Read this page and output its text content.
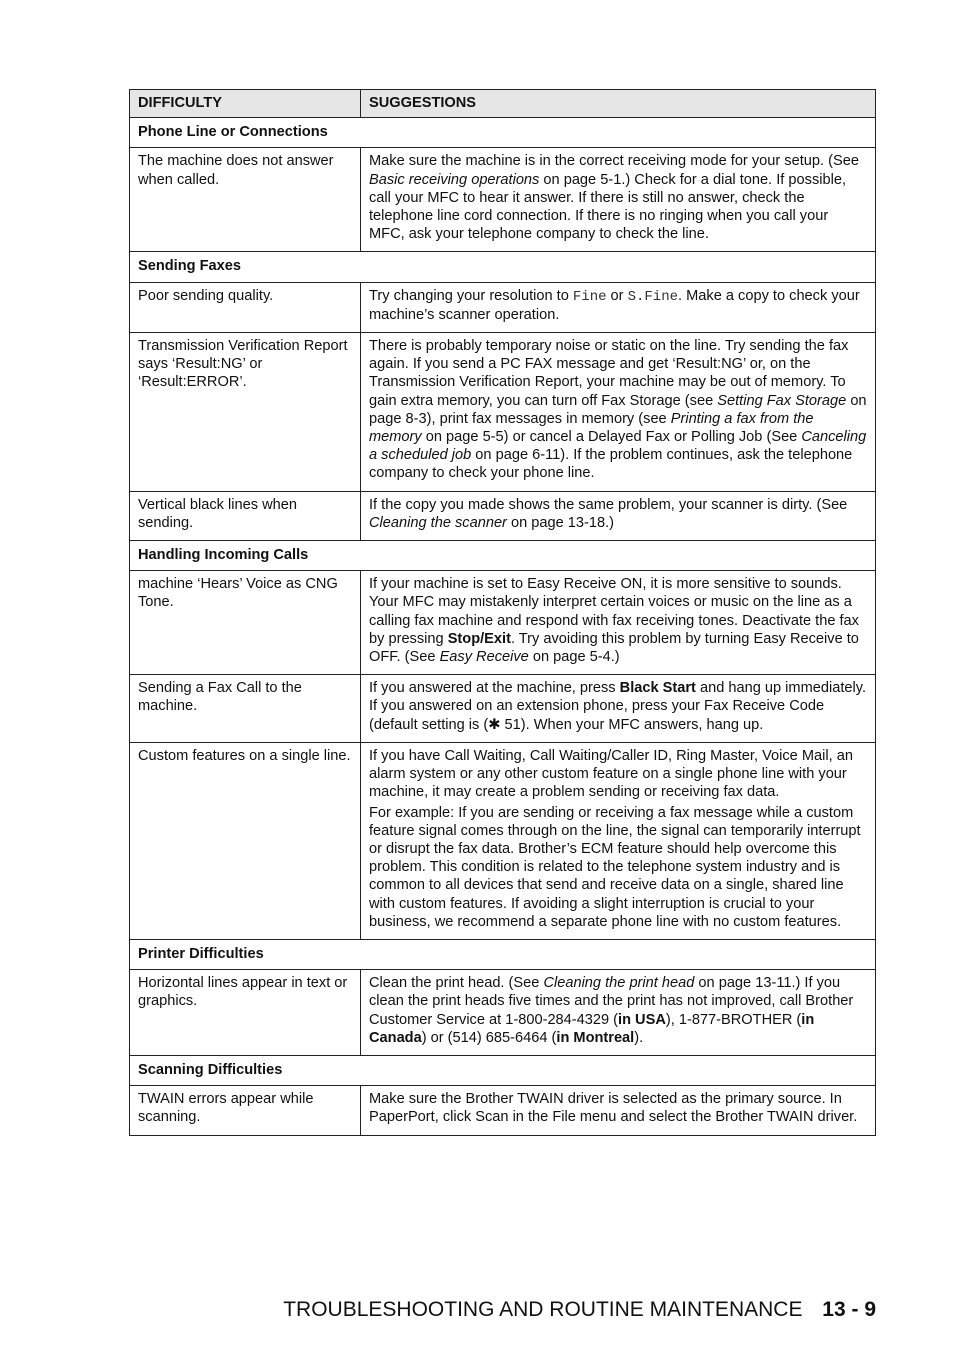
DIFFICULTY	SUGGESTIONS
Phone Line or Connections	
The machine does not answer when called.	Make sure the machine is in the correct receiving mode for your setup. (See Basic receiving operations on page 5-1.) Check for a dial tone. If possible, call your MFC to hear it answer. If there is still no answer, check the telephone line cord connection. If there is no ringing when you call your MFC, ask your telephone company to check the line.
Sending Faxes	
Poor sending quality.	Try changing your resolution to Fine or S.Fine. Make a copy to check your machine’s scanner operation.
Transmission Verification Report says ‘Result:NG’ or ‘Result:ERROR’.	There is probably temporary noise or static on the line. Try sending the fax again. If you send a PC FAX message and get ‘Result:NG’ or, on the Transmission Verification Report, your machine may be out of memory. To gain extra memory, you can turn off Fax Storage (see Setting Fax Storage on page 8-3), print fax messages in memory (see Printing a fax from the memory on page 5-5) or cancel a Delayed Fax or Polling Job (See Canceling a scheduled job on page 6-11). If the problem continues, ask the telephone company to check your phone line.
Vertical black lines when sending.	If the copy you made shows the same problem, your scanner is dirty. (See Cleaning the scanner on page 13-18.)
Handling Incoming Calls	
machine ‘Hears’ Voice as CNG Tone.	If your machine is set to Easy Receive ON, it is more sensitive to sounds. Your MFC may mistakenly interpret certain voices or music on the line as a calling fax machine and respond with fax receiving tones. Deactivate the fax by pressing Stop/Exit. Try avoiding this problem by turning Easy Receive to OFF. (See Easy Receive on page 5-4.)
Sending a Fax Call to the machine.	If you answered at the machine, press Black Start and hang up immediately. If you answered on an extension phone, press your Fax Receive Code (default setting is (✱ 51). When your MFC answers, hang up.
Custom features on a single line.	If you have Call Waiting, Call Waiting/Caller ID, Ring Master, Voice Mail, an alarm system or any other custom feature on a single phone line with your machine, it may create a problem sending or receiving fax data.

For example: If you are sending or receiving a fax message while a custom feature signal comes through on the line, the signal can temporarily interrupt or disrupt the fax data. Brother’s ECM feature should help overcome this problem. This condition is related to the telephone system industry and is common to all devices that send and receive data on a single, shared line with custom features. If avoiding a slight interruption is crucial to your business, we recommend a separate phone line with no custom features.

Printer Difficulties	
Horizontal lines appear in text or graphics.	Clean the print head. (See Cleaning the print head on page 13-11.) If you clean the print heads five times and the print has not improved, call Brother Customer Service at 1-800-284-4329 (in USA), 1-877-BROTHER (in Canada) or (514) 685-6464 (in Montreal).
Scanning Difficulties	
TWAIN errors appear while scanning.	Make sure the Brother TWAIN driver is selected as the primary source. In PaperPort, click Scan in the File menu and select the Brother TWAIN driver.
TROUBLESHOOTING AND ROUTINE MAINTENANCE 13 - 9
